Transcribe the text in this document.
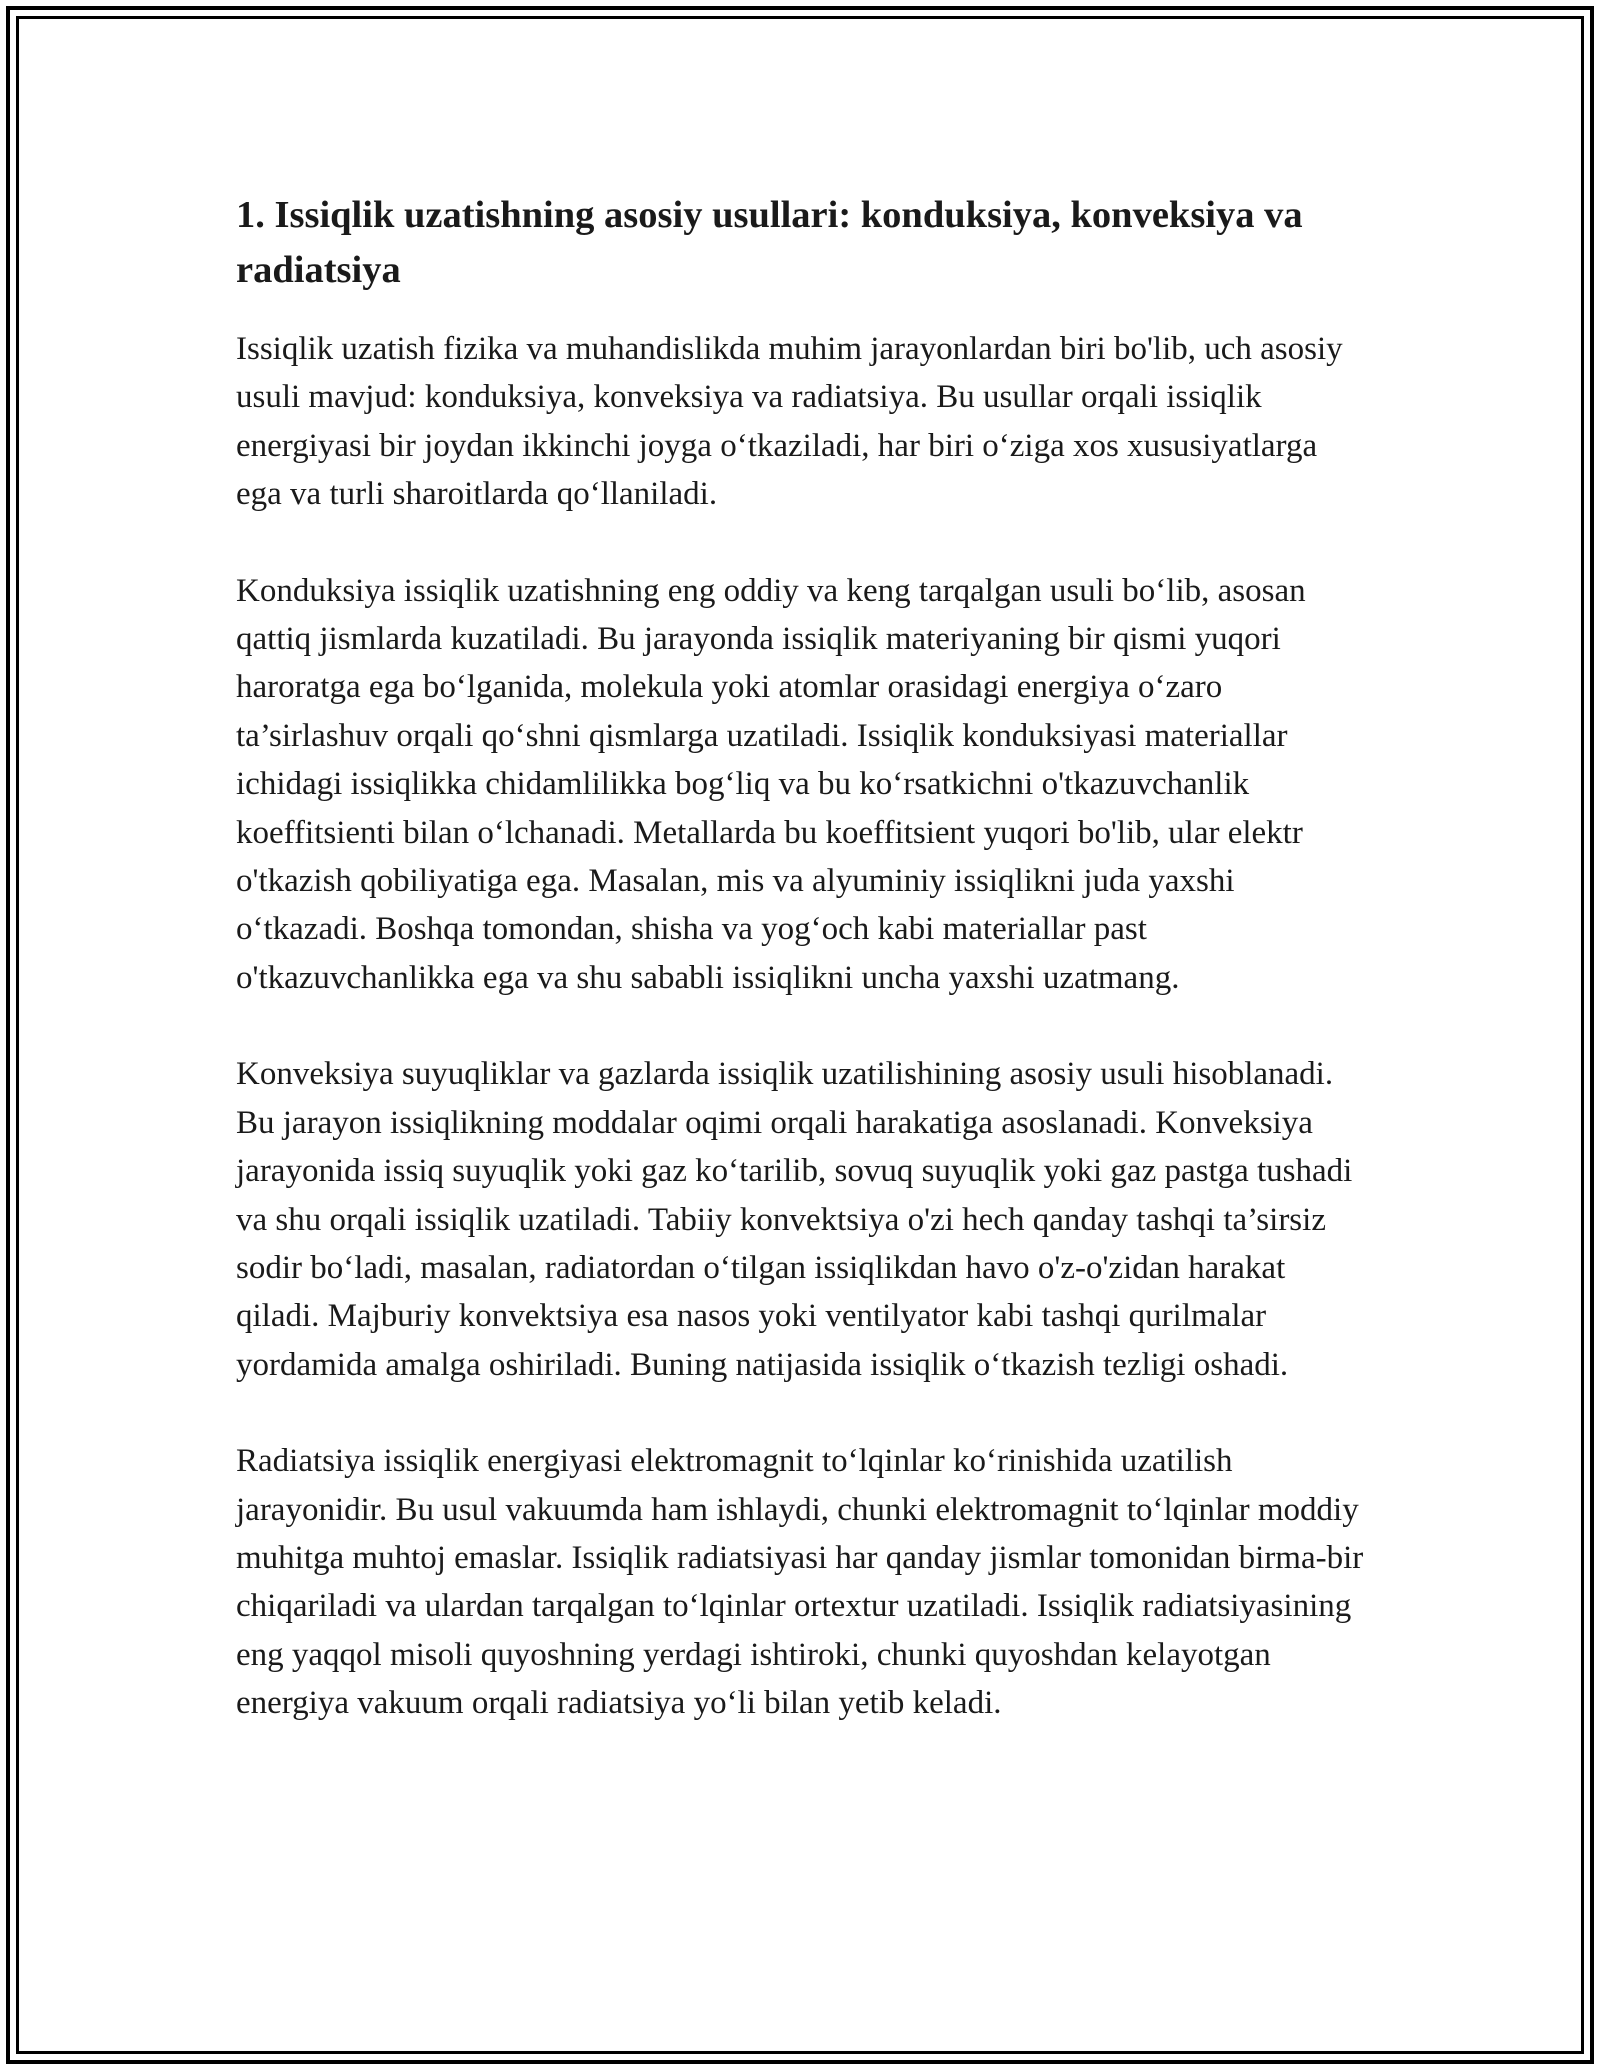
1. Issiqlik uzatishning asosiy usullari: konduksiya, konveksiya va radiatsiya

Issiqlik uzatish fizika va muhandislikda muhim jarayonlardan biri bo'lib, uch asosiy usuli mavjud: konduksiya, konveksiya va radiatsiya. Bu usullar orqali issiqlik energiyasi bir joydan ikkinchi joyga o‘tkaziladi, har biri o‘ziga xos xususiyatlarga ega va turli sharoitlarda qo‘llaniladi.

Konduksiya issiqlik uzatishning eng oddiy va keng tarqalgan usuli bo‘lib, asosan qattiq jismlarda kuzatiladi. Bu jarayonda issiqlik materiyaning bir qismi yuqori haroratga ega bo‘lganida, molekula yoki atomlar orasidagi energiya o‘zaro ta’sirlashuv orqali qo‘shni qismlarga uzatiladi. Issiqlik konduksiyasi materiallar ichidagi issiqlikka chidamlilikka bog‘liq va bu ko‘rsatkichni o'tkazuvchanlik koeffitsienti bilan o‘lchanadi. Metallarda bu koeffitsient yuqori bo'lib, ular elektr o'tkazish qobiliyatiga ega. Masalan, mis va alyuminiy issiqlikni juda yaxshi o‘tkazadi. Boshqa tomondan, shisha va yog‘och kabi materiallar past o'tkazuvchanlikka ega va shu sababli issiqlikni uncha yaxshi uzatmang.

Konveksiya suyuqliklar va gazlarda issiqlik uzatilishining asosiy usuli hisoblanadi. Bu jarayon issiqlikning moddalar oqimi orqali harakatiga asoslanadi. Konveksiya jarayonida issiq suyuqlik yoki gaz ko‘tarilib, sovuq suyuqlik yoki gaz pastga tushadi va shu orqali issiqlik uzatiladi. Tabiiy konvektsiya o'zi hech qanday tashqi ta’sirsiz sodir bo‘ladi, masalan, radiatordan o‘tilgan issiqlikdan havo o'z-o'zidan harakat qiladi. Majburiy konvektsiya esa nasos yoki ventilyator kabi tashqi qurilmalar yordamida amalga oshiriladi. Buning natijasida issiqlik o‘tkazish tezligi oshadi.

Radiatsiya issiqlik energiyasi elektromagnit to‘lqinlar ko‘rinishida uzatilish jarayonidir. Bu usul vakuumda ham ishlaydi, chunki elektromagnit to‘lqinlar moddiy muhitga muhtoj emaslar. Issiqlik radiatsiyasi har qanday jismlar tomonidan birma-bir chiqariladi va ulardan tarqalgan to‘lqinlar ortextur uzatiladi. Issiqlik radiatsiyasining eng yaqqol misoli quyoshning yerdagi ishtiroki, chunki quyoshdan kelayotgan energiya vakuum orqali radiatsiya yo‘li bilan yetib keladi.
